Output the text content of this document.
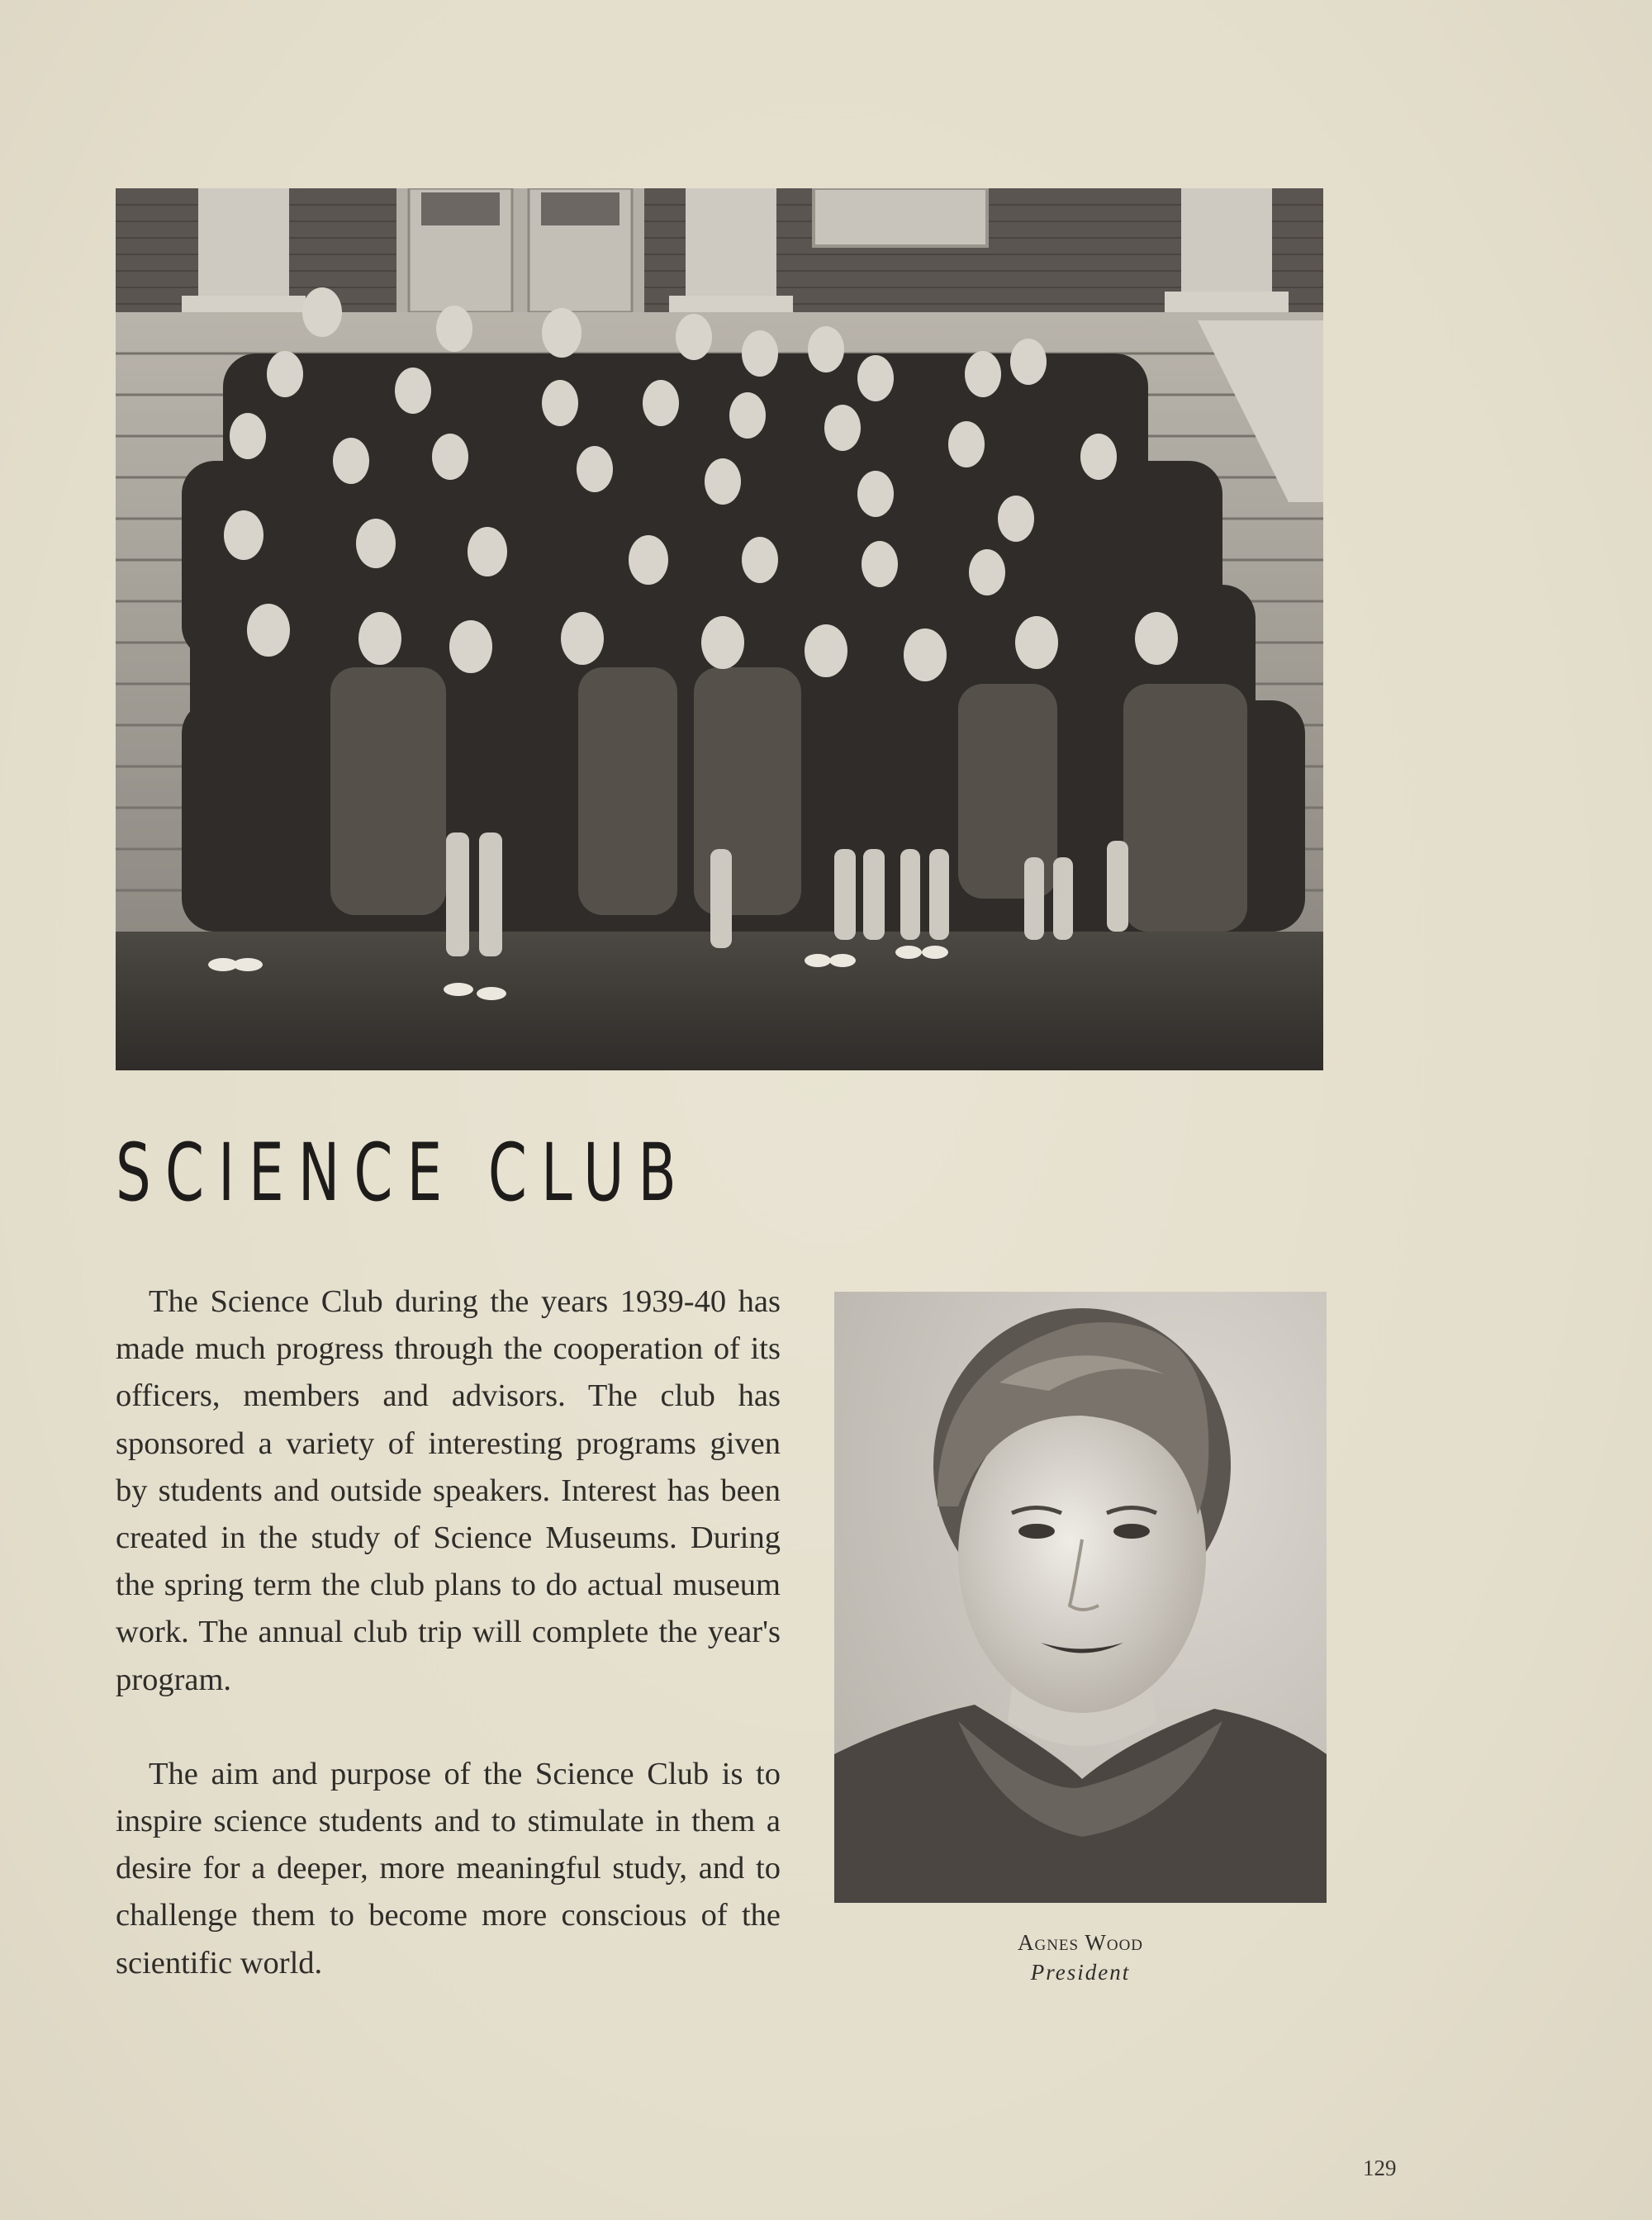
SCIENCE CLUB

The Science Club during the years 1939-40 has made much progress through the cooperation of its officers, members and advisors. The club has sponsored a variety of interesting programs given by students and outside speakers. Interest has been created in the study of Science Museums. During the spring term the club plans to do actual museum work. The annual club trip will complete the year's program.

The aim and purpose of the Science Club is to inspire science students and to stimulate in them a desire for a deeper, more meaningful study, and to challenge them to become more conscious of the scientific world.

Agnes Wood
President
129
